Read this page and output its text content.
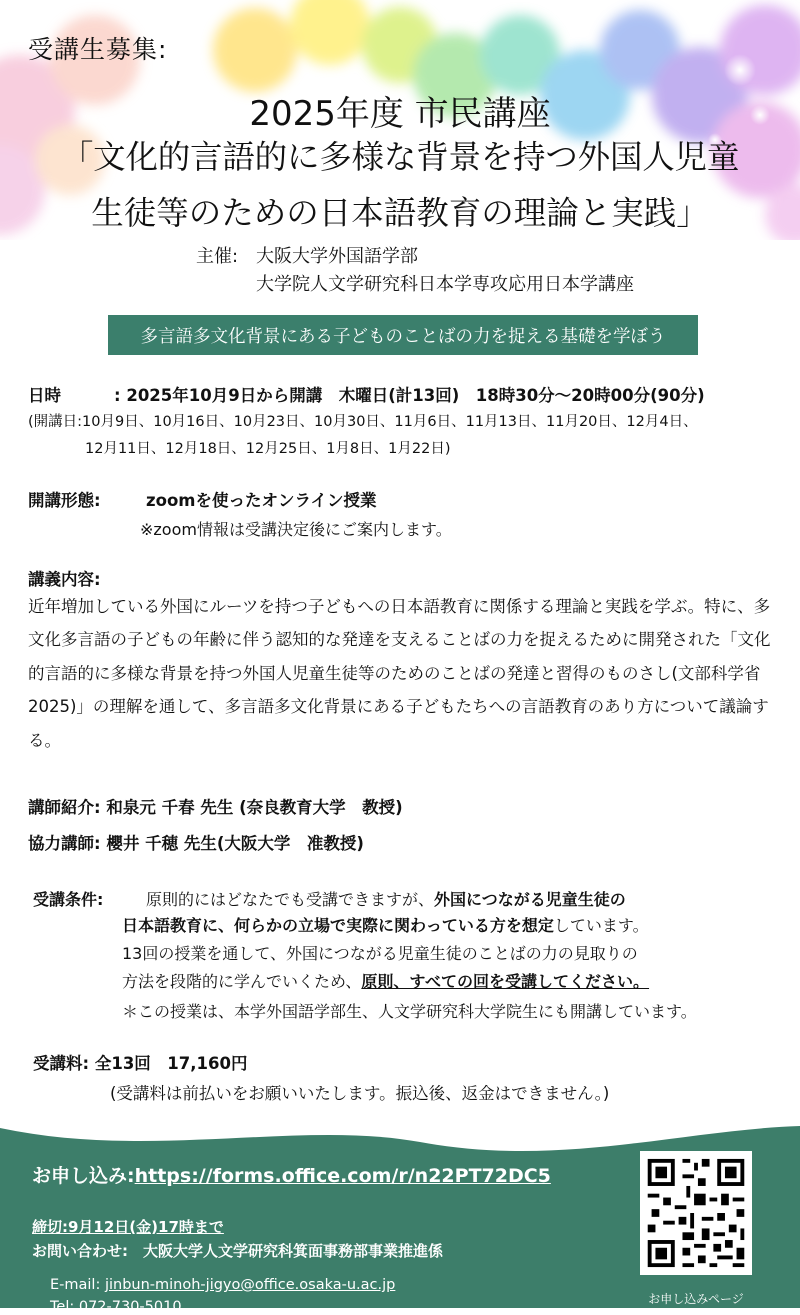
受講生募集:
2025年度 市民講座
「文化的言語的に多様な背景を持つ外国人児童
生徒等のための日本語教育の理論と実践」
主催: 大阪大学外国語学部
大学院人文学研究科日本学専攻応用日本学講座
多言語多文化背景にある子どものことばの力を捉える基礎を学ぼう
日時	: 2025年10月9日から開講　木曜日(計13回)　18時30分～20時00分(90分)
(開講日:10月9日、10月16日、10月23日、10月30日、11月6日、11月13日、11月20日、12月4日、
12月11日、12月18日、12月25日、1月8日、1月22日)
開講形態:	zoomを使ったオンライン授業
※zoom情報は受講決定後にご案内します。
講義内容:
近年増加している外国にルーツを持つ子どもへの日本語教育に関係する理論と実践を学ぶ。特に、多文化多言語の子どもの年齢に伴う認知的な発達を支えることばの力を捉えるために開発された「文化的言語的に多様な背景を持つ外国人児童生徒等のためのことばの発達と習得のものさし(文部科学省2025)」の理解を通して、多言語多文化背景にある子どもたちへの言語教育のあり方について議論する。
講師紹介: 和泉元 千春 先生 (奈良教育大学　教授)
協力講師: 櫻井 千穂 先生(大阪大学　准教授)
受講条件:	原則的にはどなたでも受講できますが、外国につながる児童生徒の
日本語教育に、何らかの立場で実際に関わっている方を想定しています。
13回の授業を通して、外国につながる児童生徒のことばの力の見取りの
方法を段階的に学んでいくため、原則、すべての回を受講してください。
＊この授業は、本学外国語学部生、人文学研究科大学院生にも開講しています。
受講料: 全13回　17,160円
(受講料は前払いをお願いいたします。振込後、返金はできません。)
お申し込み:https://forms.office.com/r/n22PT72DC5
締切:9月12日(金)17時まで
お問い合わせ:　大阪大学人文学研究科箕面事務部事業推進係
E-mail: jinbun-minoh-jigyo@office.osaka-u.ac.jp
Tel: 072-730-5010	お申し込みページ
